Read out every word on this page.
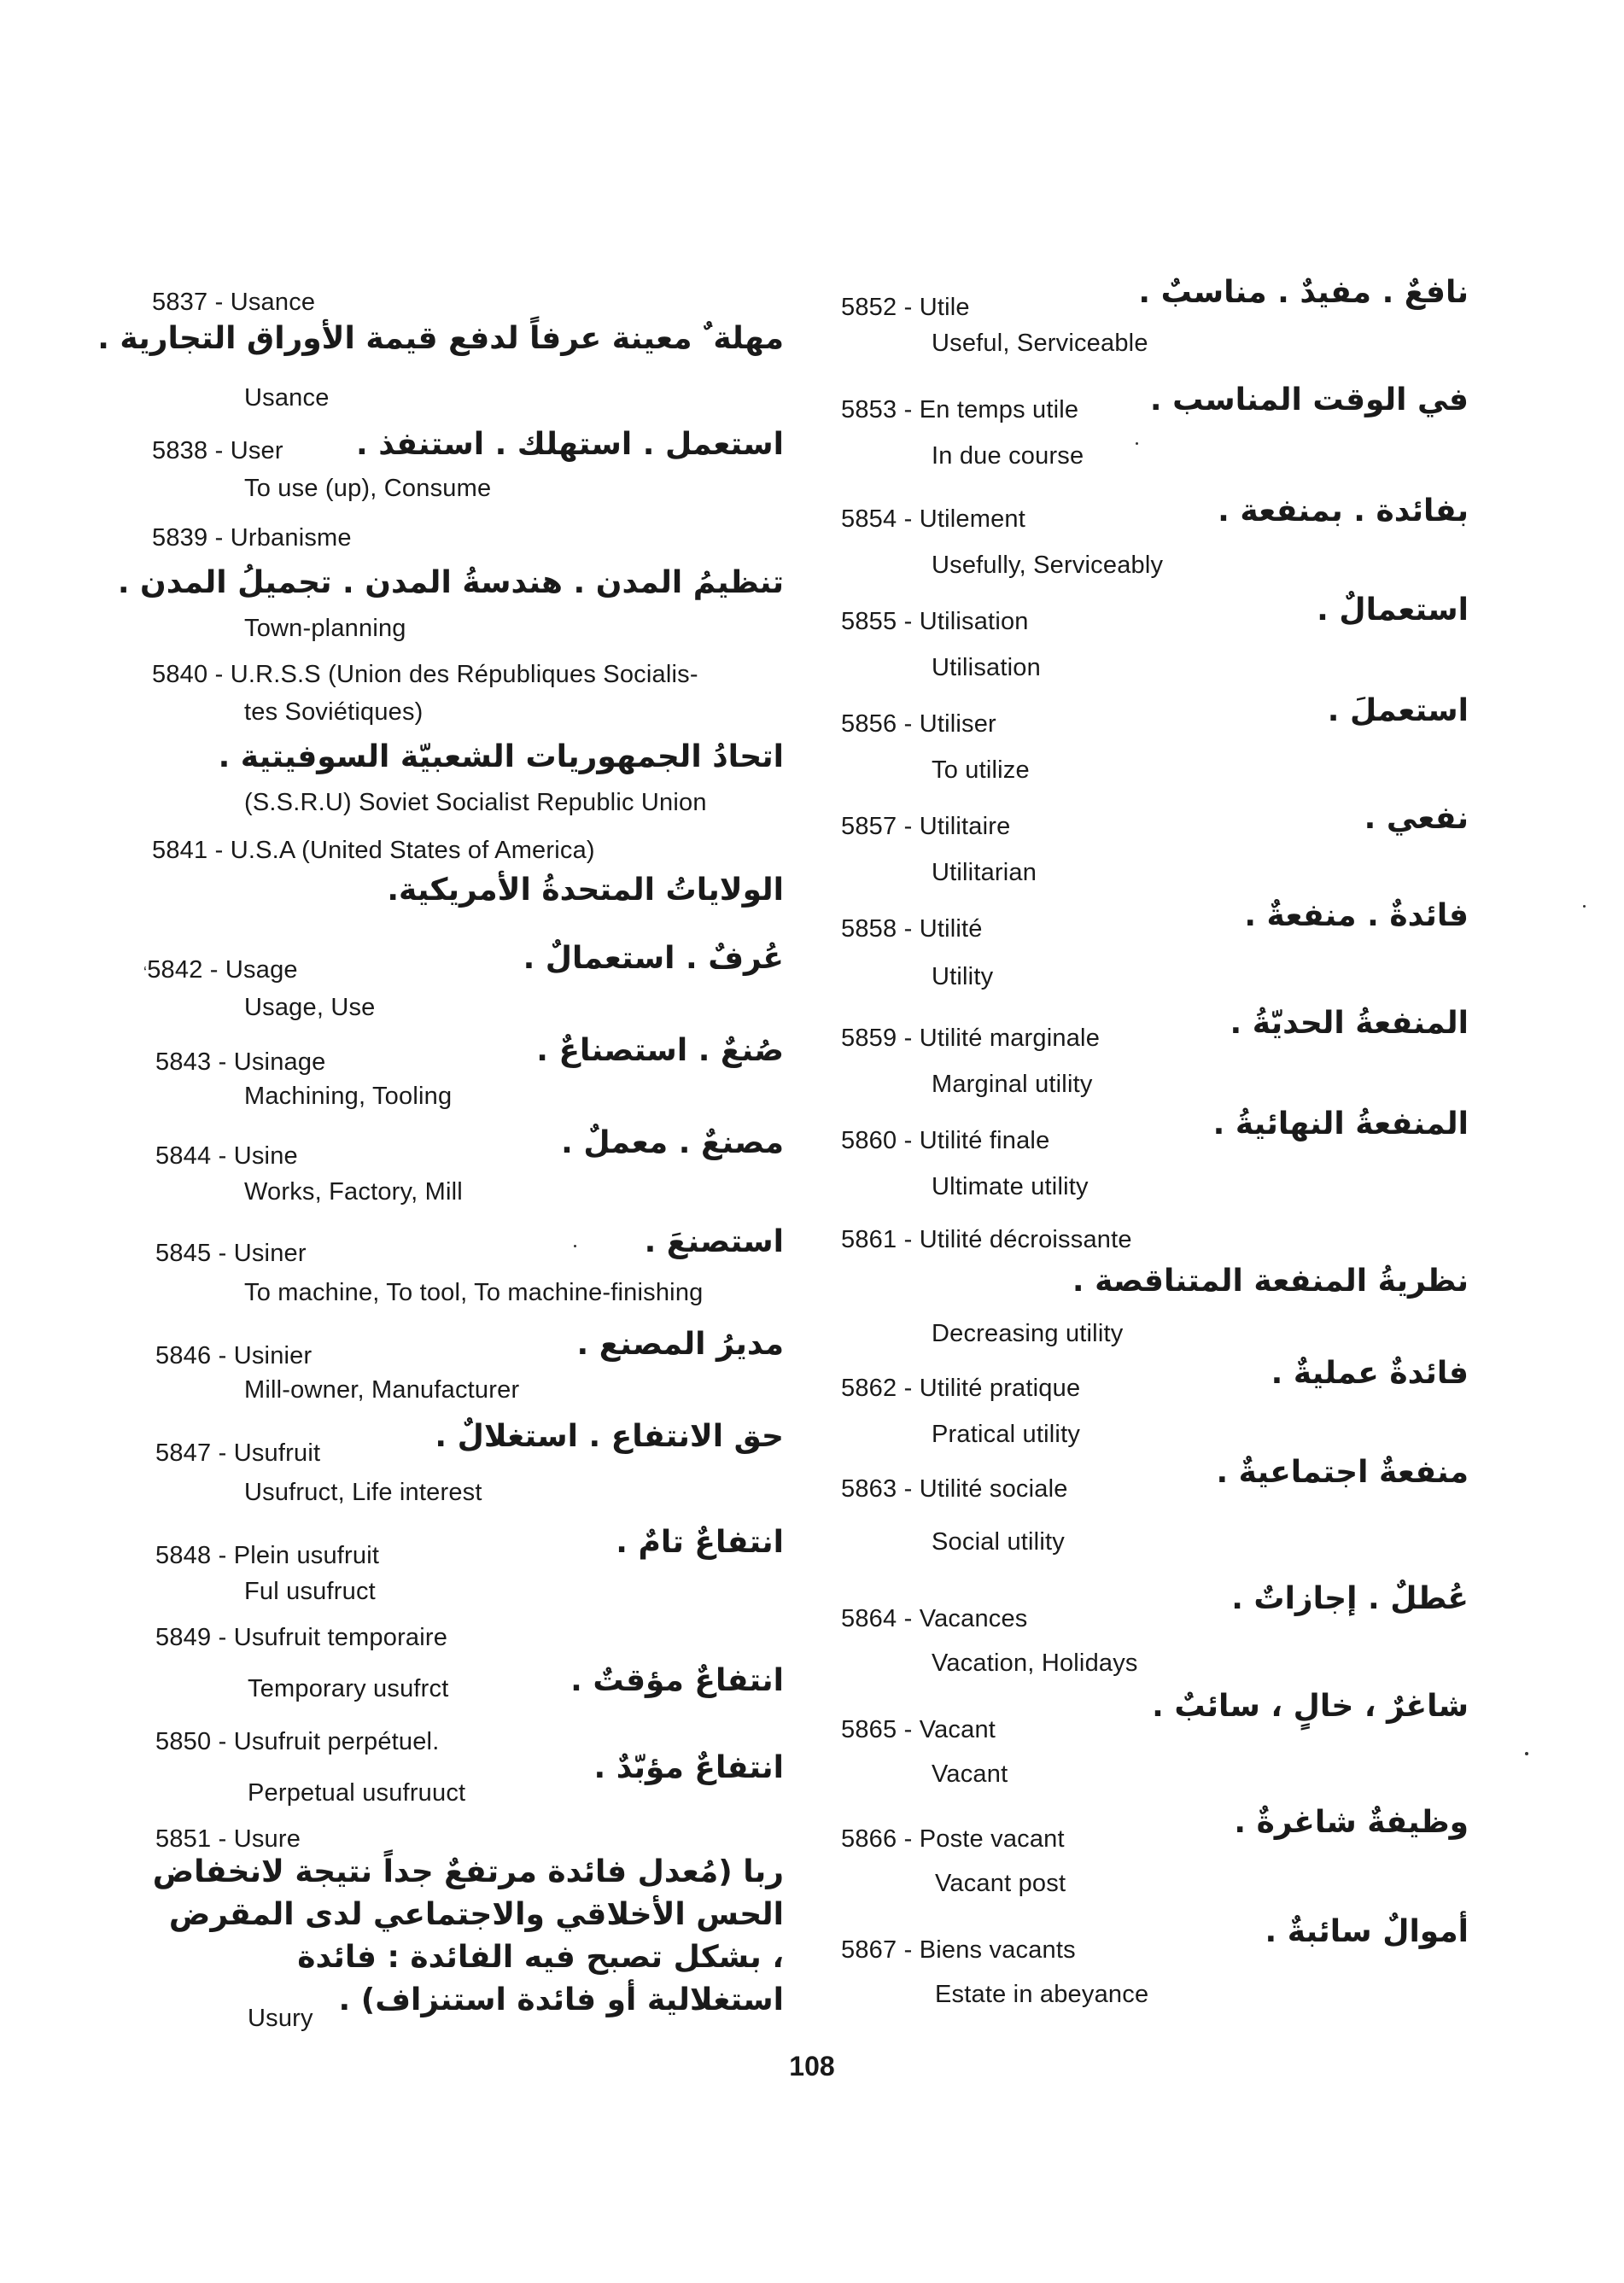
5837 - Usance
مهلة ٌ معينة عرفاً لدفع قيمة الأوراق التجارية .
Usance
5838 - User استعمل . استهلك . استنفذ .
To use (up), Consume
5839 - Urbanisme
تنظيمُ المدن . هندسةُ المدن . تجميلُ المدن .
Town-planning
5840 - U.R.S.S (Union des Républiques Socialis-
tes Soviétiques)
اتحادُ الجمهوريات الشعبيّة السوفيتية .
(S.S.R.U) Soviet Socialist Republic Union
5841 - U.S.A (United States of America)
الولاياتُ المتحدةُ الأمريكية.
‘5842 - Usage	عُرفٌ . استعمالٌ .
Usage, Use
5843 - Usinage	صُنعٌ . استصناعٌ .
Machining, Tooling
5844 - Usine	مصنعٌ . معملٌ .
Works, Factory, Mill
5845 - Usiner	استصنعَ .
To machine, To tool, To machine-finishing
5846 - Usinier	مديرُ المصنع .
Mill-owner, Manufacturer
5847 - Usufruit	حق الانتفاع . استغلالٌ .
Usufruct, Life interest
5848 - Plein usufruit	انتفاعٌ تامٌ .
Ful usufruct
5849 - Usufruit temporaire
انتفاعٌ مؤقتٌ .
Temporary usufrct
5850 - Usufruit perpétuel.
انتفاعٌ مؤبّدٌ .
Perpetual usufruuct
5851 - Usure
ربا (مُعدل فائدة مرتفعٌ جداً نتيجة لانخفاض الحس الأخلاقي والاجتماعي لدى المقرض ، بشكل تصبح فيه الفائدة : فائدة استغلالية أو فائدة استنزاف) .
Usury
5852 - Utile	نافعٌ . مفيدٌ . مناسبٌ .
Useful, Serviceable
5853 - En temps utile في الوقت المناسب .
In due course
5854 - Utilement	بفائدة . بمنفعة .
Usefully, Serviceably
5855 - Utilisation	استعمالٌ .
Utilisation
5856 - Utiliser	استعملَ .
To utilize
5857 - Utilitaire	نفعي .
Utilitarian
5858 - Utilité	فائدةٌ . منفعةٌ .
Utility
5859 - Utilité marginale	المنفعةُ الحديّةُ .
Marginal utility
5860 - Utilité finale	المنفعةُ النهائيةُ .
Ultimate utility
5861 - Utilité décroissante
نظريةُ المنفعة المتناقصة .
Decreasing utility
5862 - Utilité pratique	فائدةٌ عمليةٌ .
Pratical utility
5863 - Utilité sociale	منفعةٌ اجتماعيةٌ .
Social utility
5864 - Vacances
عُطلٌ . إجازاتٌ .
Vacation, Holidays
5865 - Vacant
شاغرٌ ، خالٍ ، سائبٌ .
Vacant
5866 - Poste vacant	وظيفةٌ شاغرةٌ .
Vacant post
5867 - Biens vacants
أموالٌ سائبةٌ .
Estate in abeyance
108
